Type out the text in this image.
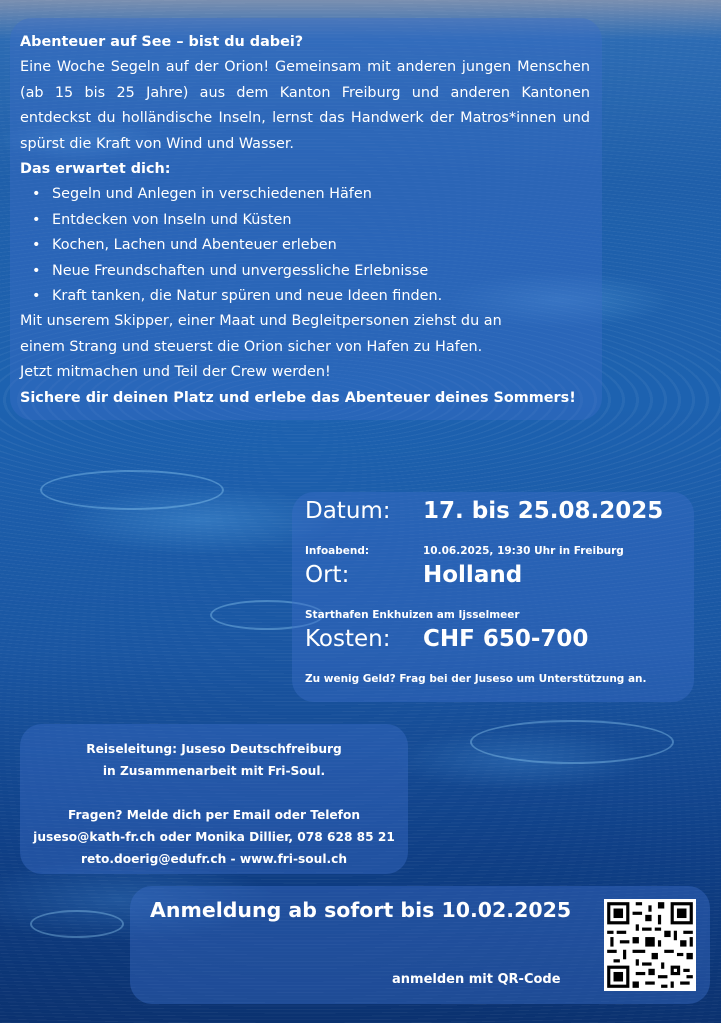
Abenteuer auf See – bist du dabei?

Eine Woche Segeln auf der Orion! Gemeinsam mit anderen jungen Menschen (ab 15 bis 25 Jahre) aus dem Kanton Freiburg und anderen Kantonen entdeckst du holländische Inseln, lernst das Handwerk der Matros*innen und spürst die Kraft von Wind und Wasser.

Das erwartet dich:

• Segeln und Anlegen in verschiedenen Häfen
• Entdecken von Inseln und Küsten
• Kochen, Lachen und Abenteuer erleben
• Neue Freundschaften und unvergessliche Erlebnisse
• Kraft tanken, die Natur spüren und neue Ideen finden.

Mit unserem Skipper, einer Maat und Begleitpersonen ziehst du an

einem Strang und steuerst die Orion sicher von Hafen zu Hafen.

Jetzt mitmachen und Teil der Crew werden!

Sichere dir deinen Platz und erlebe das Abenteuer deines Sommers!

Datum:	17. bis 25.08.2025
Infoabend:	10.06.2025, 19:30 Uhr in Freiburg
Ort:	Holland
Starthafen Enkhuizen am Ijsselmeer
Kosten:	CHF 650-700
Zu wenig Geld? Frag bei der Juseso um Unterstützung an.
Reiseleitung: Juseso Deutschfreiburg
in Zusammenarbeit mit Fri-Soul.
Fragen? Melde dich per Email oder Telefon
juseso@kath-fr.ch oder Monika Dillier, 078 628 85 21
reto.doerig@edufr.ch - www.fri-soul.ch
Anmeldung ab sofort bis 10.02.2025
anmelden mit QR-Code
